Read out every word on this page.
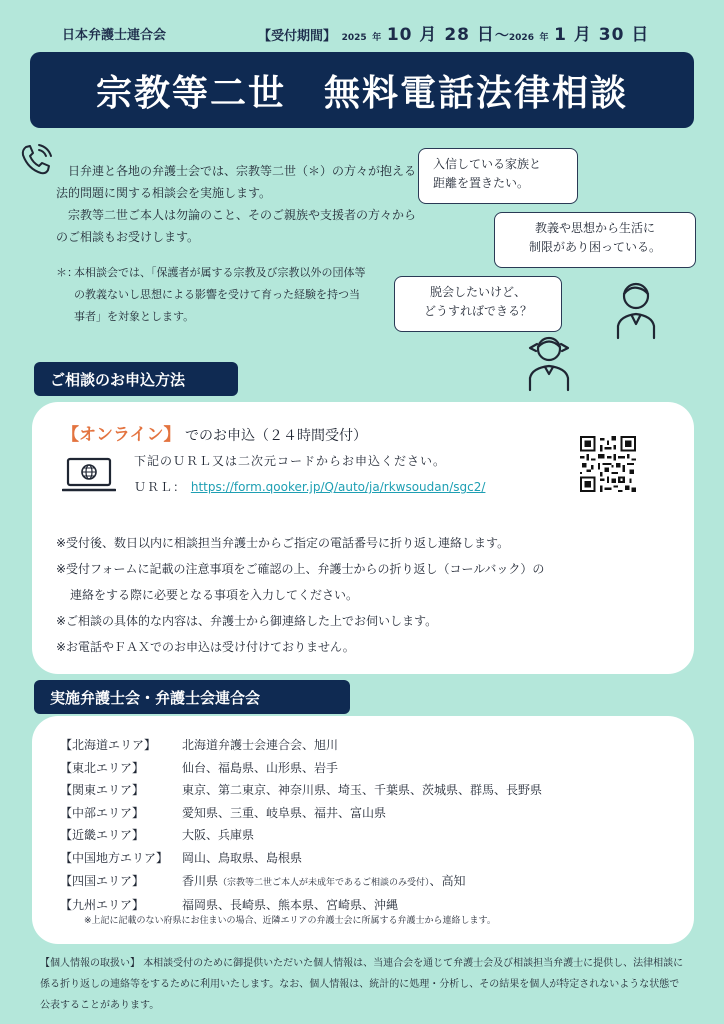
日本弁護士連合会	【受付期間】 2025 年 10 月 28 日〜2026 年 1 月 30 日
宗教等二世　無料電話法律相談

日弁連と各地の弁護士会では、宗教等二世（＊）の方々が抱える法的問題に関する相談会を実施します。

宗教等二世ご本人は勿論のこと、そのご親族や支援者の方々からのご相談もお受けします。

＊：
本相談会では、「保護者が属する宗教及び宗教以外の団体等の教義ないし思想による影響を受けて育った経験を持つ当事者」を対象とします。
入信している家族と
距離を置きたい。
教義や思想から生活に
制限があり困っている。
脱会したいけど、
どうすればできる？
ご相談のお申込方法
【オンライン】 でのお申込（２４時間受付）
下記のＵＲＬ又は二次元コードからお申込ください。
ＵＲＬ： https://form.qooker.jp/Q/auto/ja/rkwsoudan/sgc2/
※受付後、数日以内に相談担当弁護士からご指定の電話番号に折り返し連絡します。
※受付フォームに記載の注意事項をご確認の上、弁護士からの折り返し（コールバック）の
連絡をする際に必要となる事項を入力してください。
※ご相談の具体的な内容は、弁護士から御連絡した上でお伺いします。
※お電話やＦＡＸでのお申込は受け付けておりません。
実施弁護士会・弁護士会連合会
【北海道エリア】	北海道弁護士会連合会、旭川
【東北エリア】	仙台、福島県、山形県、岩手
【関東エリア】	東京、第二東京、神奈川県、埼玉、千葉県、茨城県、群馬、長野県
【中部エリア】	愛知県、三重、岐阜県、福井、富山県
【近畿エリア】	大阪、兵庫県
【中国地方エリア】	岡山、鳥取県、島根県
【四国エリア】	香川県（宗教等二世ご本人が未成年であるご相談のみ受付）、高知
【九州エリア】	福岡県、長崎県、熊本県、宮崎県、沖縄
※上記に記載のない府県にお住まいの場合、近隣エリアの弁護士会に所属する弁護士から連絡します。
【個人情報の取扱い】 本相談受付のために御提供いただいた個人情報は、当連合会を通じて弁護士会及び相談担当弁護士に提供し、法律相談に係る折り返しの連絡等をするために利用いたします。なお、個人情報は、統計的に処理・分析し、その結果を個人が特定されないような状態で公表することがあります。
